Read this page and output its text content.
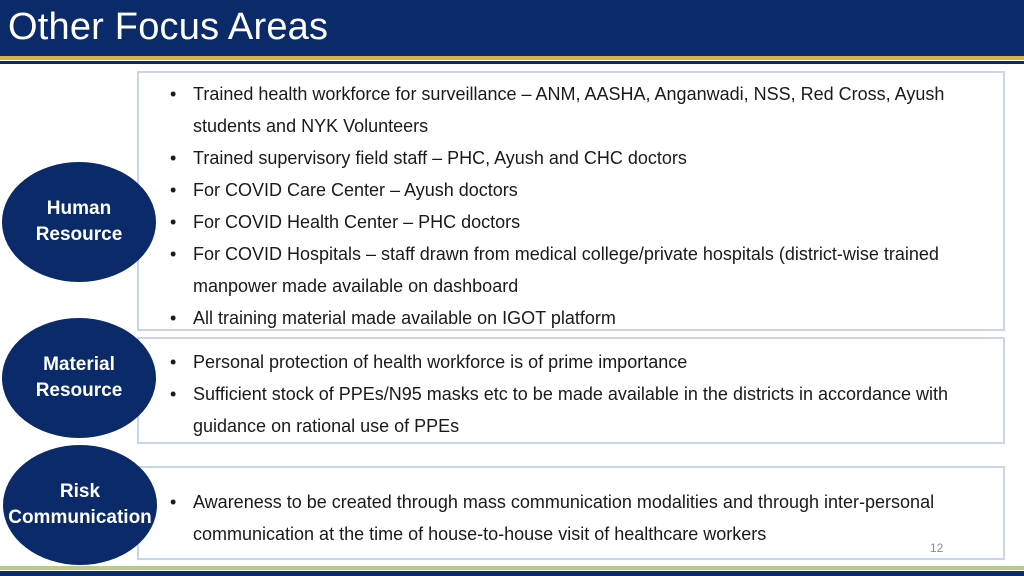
Other Focus Areas
• Trained health workforce for surveillance – ANM, AASHA, Anganwadi, NSS, Red Cross, Ayush students and NYK Volunteers
• Trained supervisory field staff – PHC, Ayush and CHC doctors
• For COVID Care Center – Ayush doctors
• For COVID Health Center – PHC doctors
• For COVID Hospitals – staff drawn from medical college/private hospitals (district-wise trained manpower made available on dashboard
• All training material made available on IGOT platform
Human
Resource
• Personal protection of health workforce is of prime importance
• Sufficient stock of PPEs/N95 masks etc to be made available in the districts in accordance with guidance on rational use of PPEs
Material
Resource
• Awareness to be created through mass communication modalities and through inter-personal communication at the time of house-to-house visit of healthcare workers
Risk
Communication
12
